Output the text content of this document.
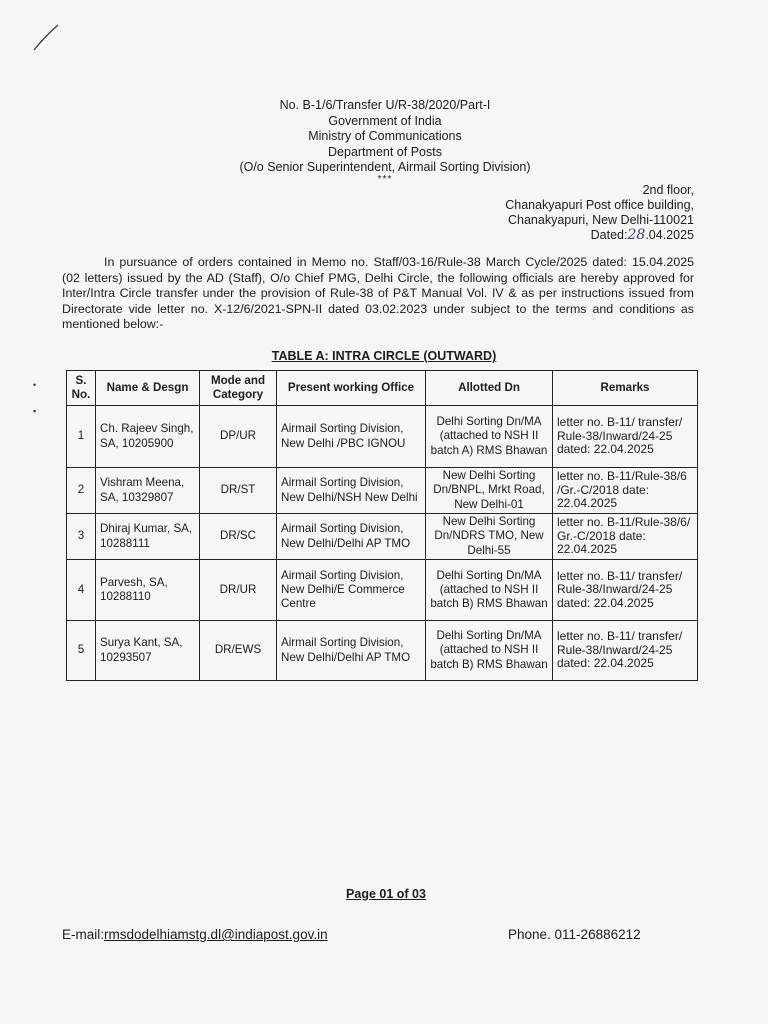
No. B-1/6/Transfer U/R-38/2020/Part-I
Government of India
Ministry of Communications
Department of Posts
(O/o Senior Superintendent, Airmail Sorting Division)
***
2nd floor,
Chanakyapuri Post office building,
Chanakyapuri, New Delhi-110021
Dated:28.04.2025
In pursuance of orders contained in Memo no. Staff/03-16/Rule-38 March Cycle/2025 dated: 15.04.2025 (02 letters) issued by the AD (Staff), O/o Chief PMG, Delhi Circle, the following officials are hereby approved for Inter/Intra Circle transfer under the provision of Rule-38 of P&T Manual Vol. IV & as per instructions issued from Directorate vide letter no. X-12/6/2021-SPN-II dated 03.02.2023 under subject to the terms and conditions as mentioned below:-
TABLE A: INTRA CIRCLE (OUTWARD)
•
▪
S. No.	Name & Desgn	Mode and Category	Present working Office	Allotted Dn	Remarks
1	Ch. Rajeev Singh, SA, 10205900	DP/UR	Airmail Sorting Division, New Delhi /PBC IGNOU	Delhi Sorting Dn/MA (attached to NSH II batch A) RMS Bhawan	letter no. B-11/ transfer/ Rule-38/Inward/24-25 dated: 22.04.2025
2	Vishram Meena, SA, 10329807	DR/ST	Airmail Sorting Division, New Delhi/NSH New Delhi	New Delhi Sorting Dn/BNPL, Mrkt Road, New Delhi-01	letter no. B-11/Rule-38/6 /Gr.-C/2018 date: 22.04.2025
3	Dhiraj Kumar, SA, 10288111	DR/SC	Airmail Sorting Division, New Delhi/Delhi AP TMO	New Delhi Sorting Dn/NDRS TMO, New Delhi-55	letter no. B-11/Rule-38/6/ Gr.-C/2018 date: 22.04.2025
4	Parvesh, SA, 10288110	DR/UR	Airmail Sorting Division, New Delhi/E Commerce Centre	Delhi Sorting Dn/MA (attached to NSH II batch B) RMS Bhawan	letter no. B-11/ transfer/ Rule-38/Inward/24-25 dated: 22.04.2025
5	Surya Kant, SA, 10293507	DR/EWS	Airmail Sorting Division, New Delhi/Delhi AP TMO	Delhi Sorting Dn/MA (attached to NSH II batch B) RMS Bhawan	letter no. B-11/ transfer/ Rule-38/Inward/24-25 dated: 22.04.2025
Page 01 of 03
E-mail:rmsdodelhiamstg.dl@indiapost.gov.in	Phone. 011-26886212
